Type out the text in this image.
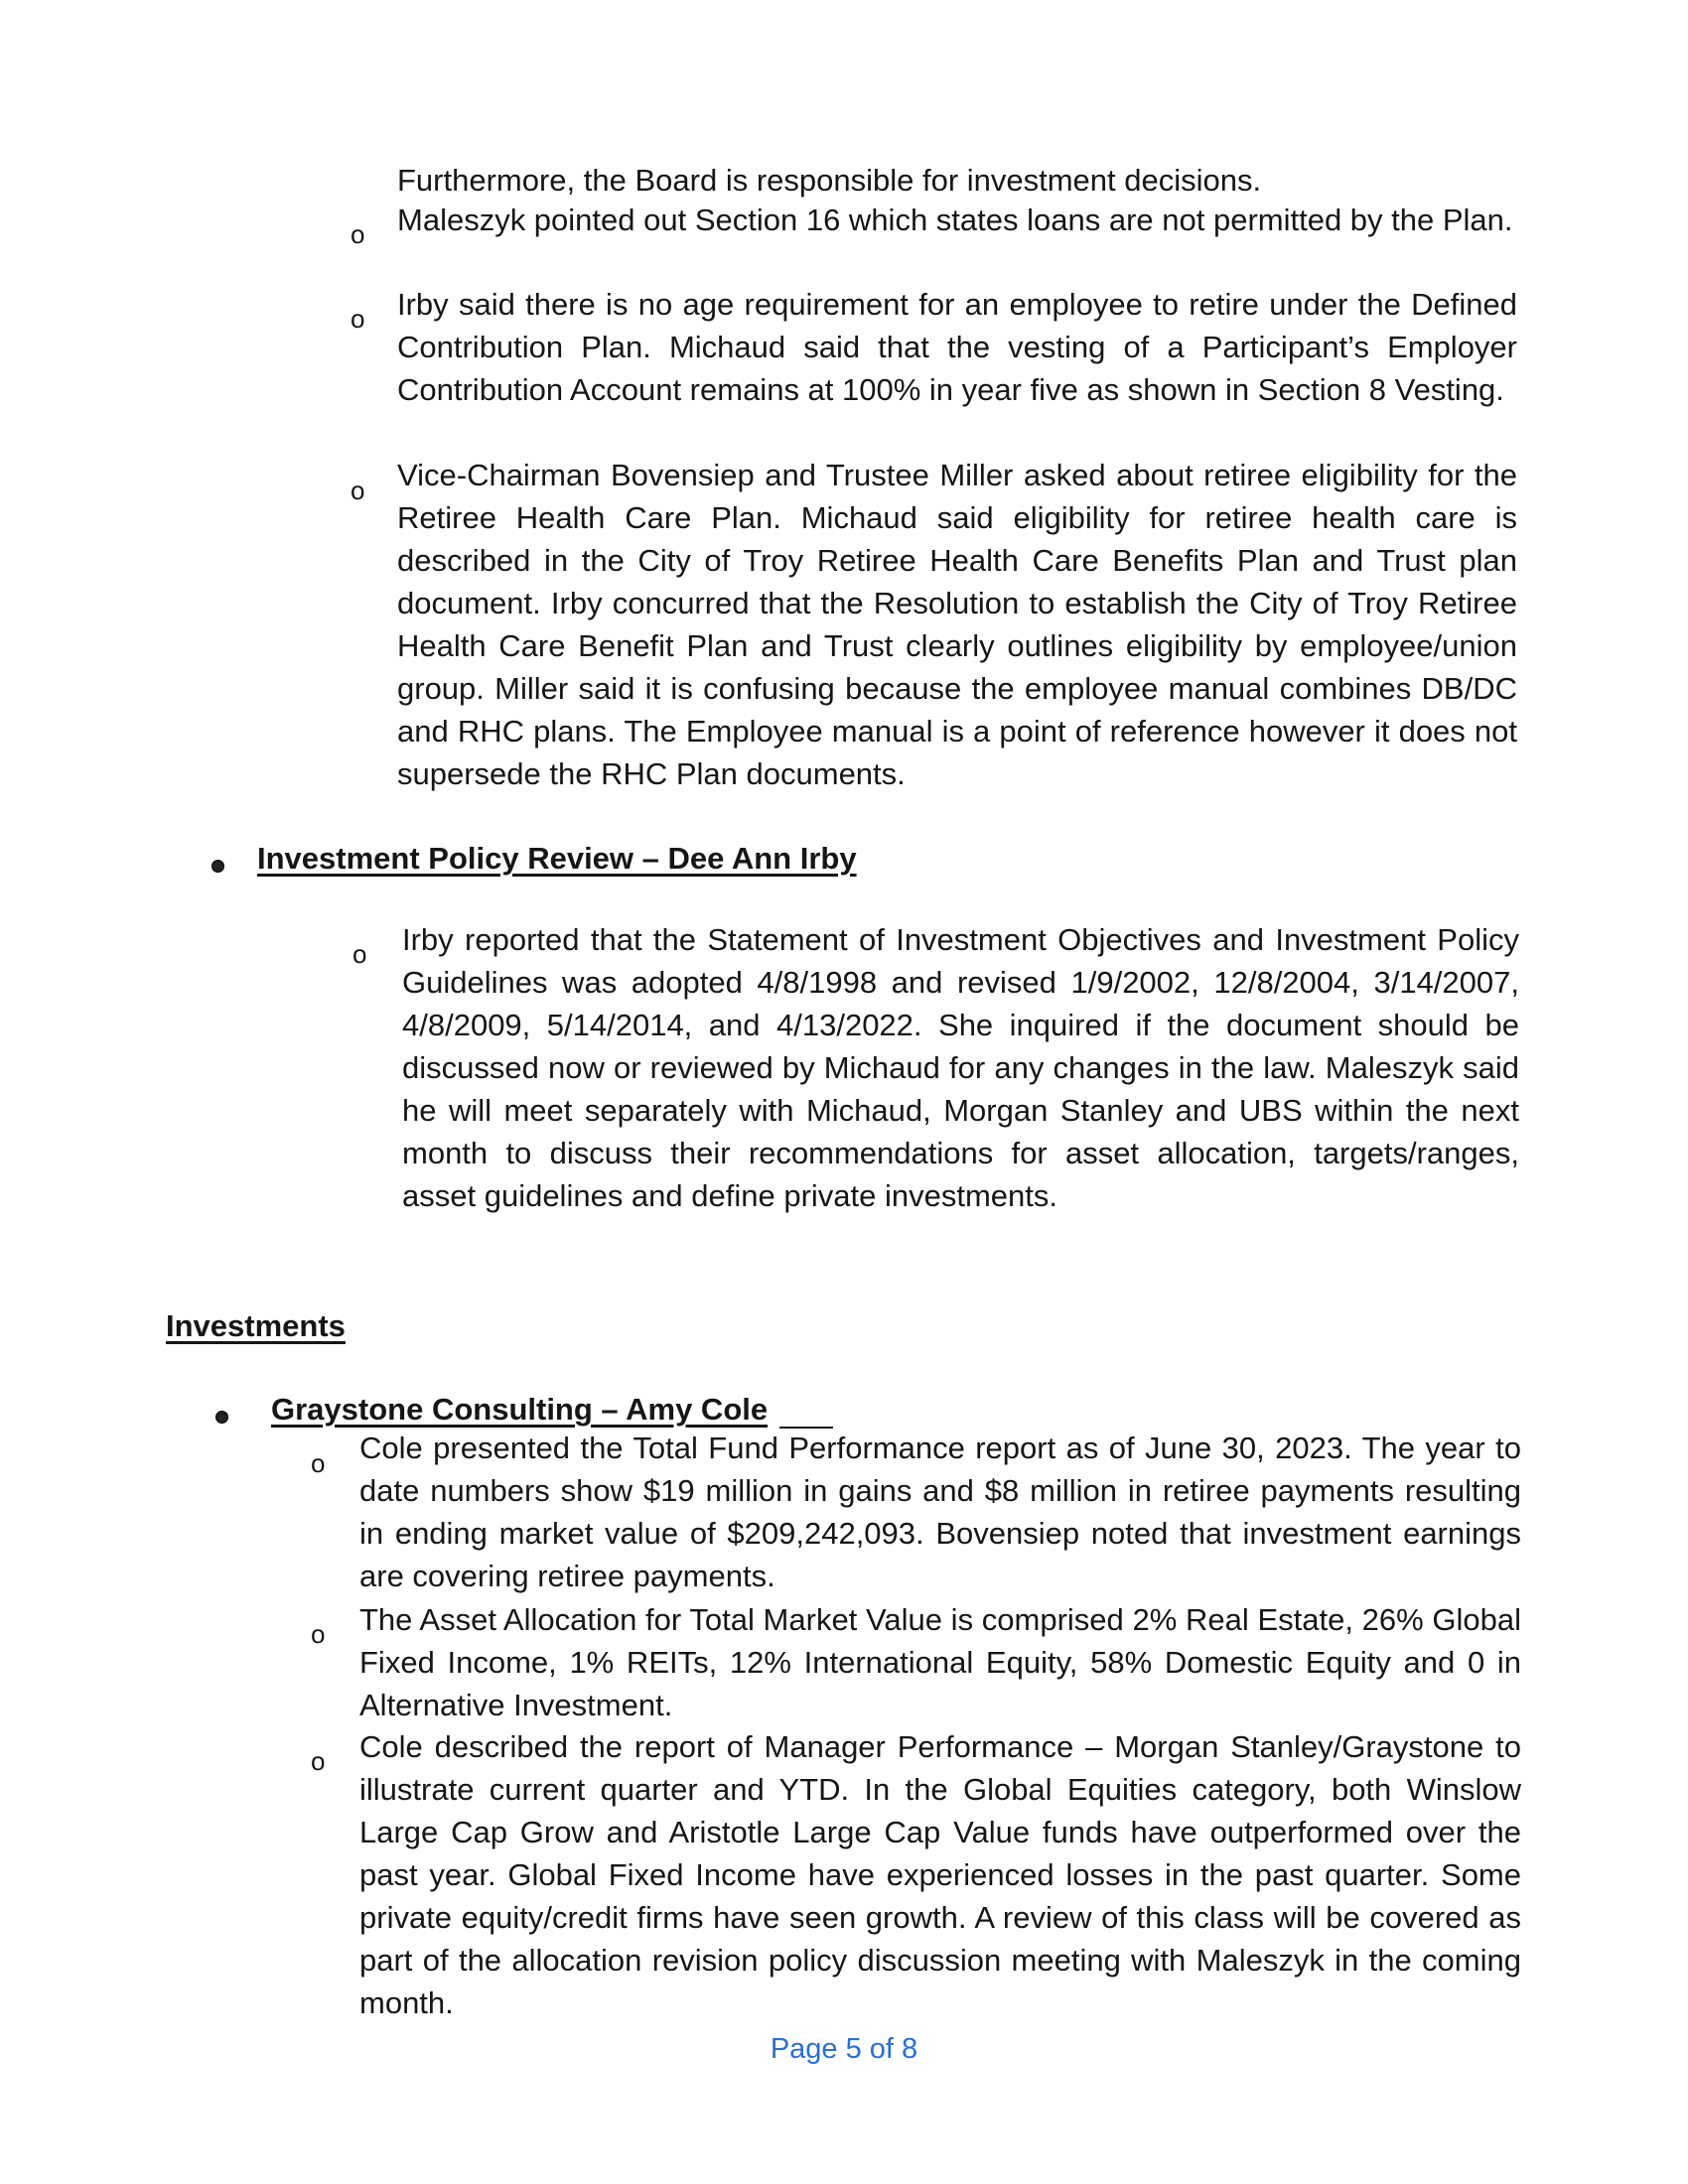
Furthermore, the Board is responsible for investment decisions.

o Maleszyk pointed out Section 16 which states loans are not permitted by the Plan.

o Irby said there is no age requirement for an employee to retire under the Defined Contribution Plan. Michaud said that the vesting of a Participant’s Employer Contribution Account remains at 100% in year five as shown in Section 8 Vesting.

o Vice-Chairman Bovensiep and Trustee Miller asked about retiree eligibility for the Retiree Health Care Plan. Michaud said eligibility for retiree health care is described in the City of Troy Retiree Health Care Benefits Plan and Trust plan document. Irby concurred that the Resolution to establish the City of Troy Retiree Health Care Benefit Plan and Trust clearly outlines eligibility by employee/union group. Miller said it is confusing because the employee manual combines DB/DC and RHC plans. The Employee manual is a point of reference however it does not supersede the RHC Plan documents.

Investment Policy Review – Dee Ann Irby
o Irby reported that the Statement of Investment Objectives and Investment Policy Guidelines was adopted 4/8/1998 and revised 1/9/2002, 12/8/2004, 3/14/2007, 4/8/2009, 5/14/2014, and 4/13/2022. She inquired if the document should be discussed now or reviewed by Michaud for any changes in the law. Maleszyk said he will meet separately with Michaud, Morgan Stanley and UBS within the next month to discuss their recommendations for asset allocation, targets/ranges, asset guidelines and define private investments.

Investments
Graystone Consulting – Amy Cole
o Cole presented the Total Fund Performance report as of June 30, 2023. The year to date numbers show $19 million in gains and $8 million in retiree payments resulting in ending market value of $209,242,093. Bovensiep noted that investment earnings are covering retiree payments.

o The Asset Allocation for Total Market Value is comprised 2% Real Estate, 26% Global Fixed Income, 1% REITs, 12% International Equity, 58% Domestic Equity and 0 in Alternative Investment.

o Cole described the report of Manager Performance – Morgan Stanley/Graystone to illustrate current quarter and YTD. In the Global Equities category, both Winslow Large Cap Grow and Aristotle Large Cap Value funds have outperformed over the past year. Global Fixed Income have experienced losses in the past quarter. Some private equity/credit firms have seen growth. A review of this class will be covered as part of the allocation revision policy discussion meeting with Maleszyk in the coming month.

Page 5 of 8
